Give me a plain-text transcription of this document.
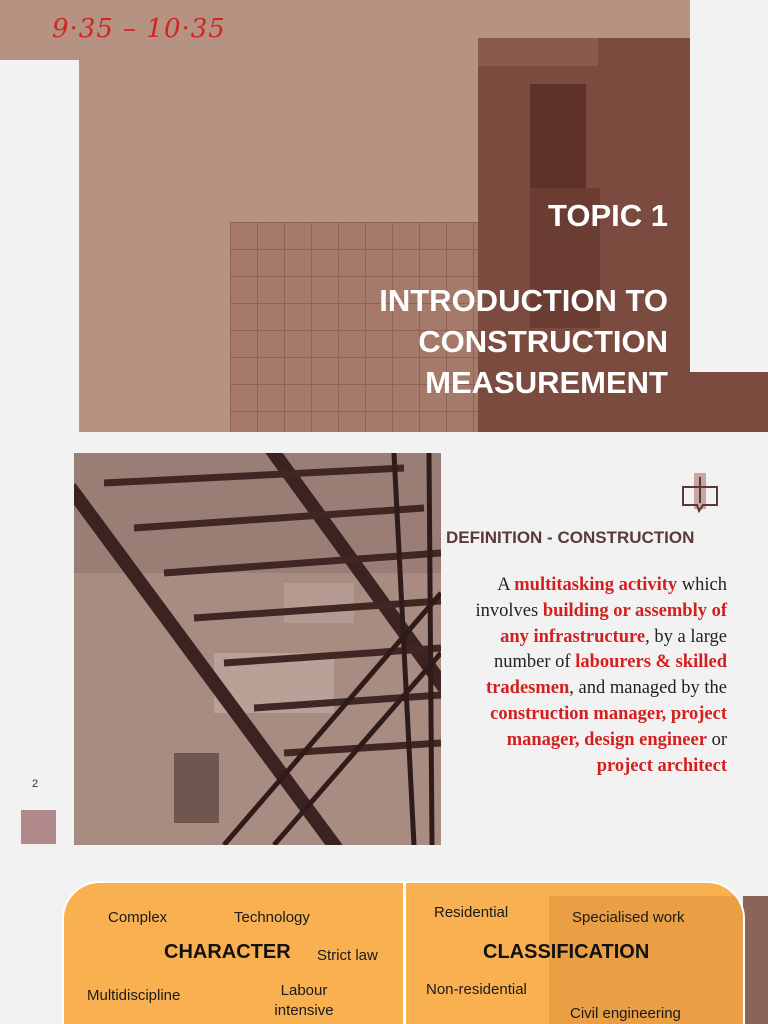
9·35 – 10·35
TOPIC 1
INTRODUCTION TO
CONSTRUCTION
MEASUREMENT
DEFINITION - CONSTRUCTION
A multitasking activity which involves building or assembly of any infrastructure, by a large number of labourers & skilled tradesmen, and managed by the construction manager, project manager, design engineer or project architect
2
Complex	Technology
CHARACTER Strict law
Multidiscipline	Labour intensive
Residential	Specialised work
CLASSIFICATION
Non-residential
Civil engineering
